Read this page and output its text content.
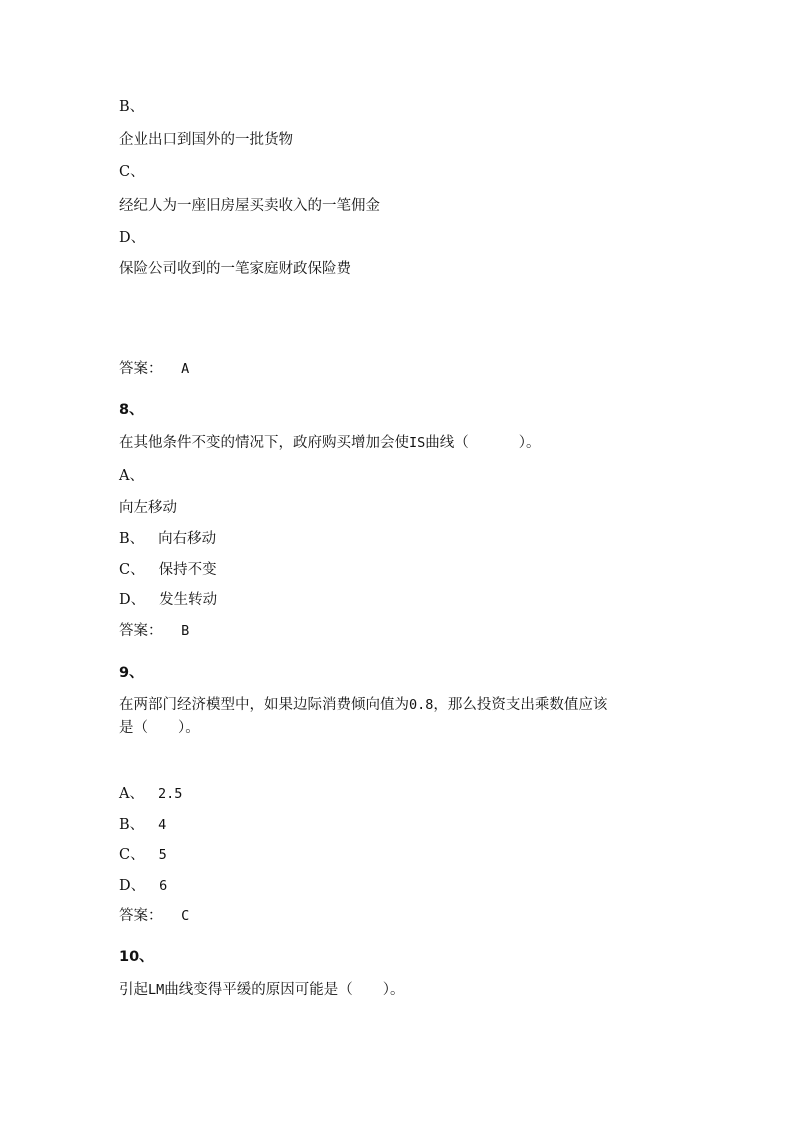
B、
企业出口到国外的一批货物
C、
经纪人为一座旧房屋买卖收入的一笔佣金
D、
保险公司收到的一笔家庭财政保险费
答案： A
8、
在其他条件不变的情况下，政府购买增加会使IS曲线（	）。
A、
向左移动
B、 向右移动
C、 保持不变
D、 发生转动
答案： B
9、
在两部门经济模型中，如果边际消费倾向值为0.8，那么投资支出乘数值应该
是（ ）。
A、 2.5
B、 4
C、 5
D、 6
答案： C
10、
引起LM曲线变得平缓的原因可能是（ ）。
